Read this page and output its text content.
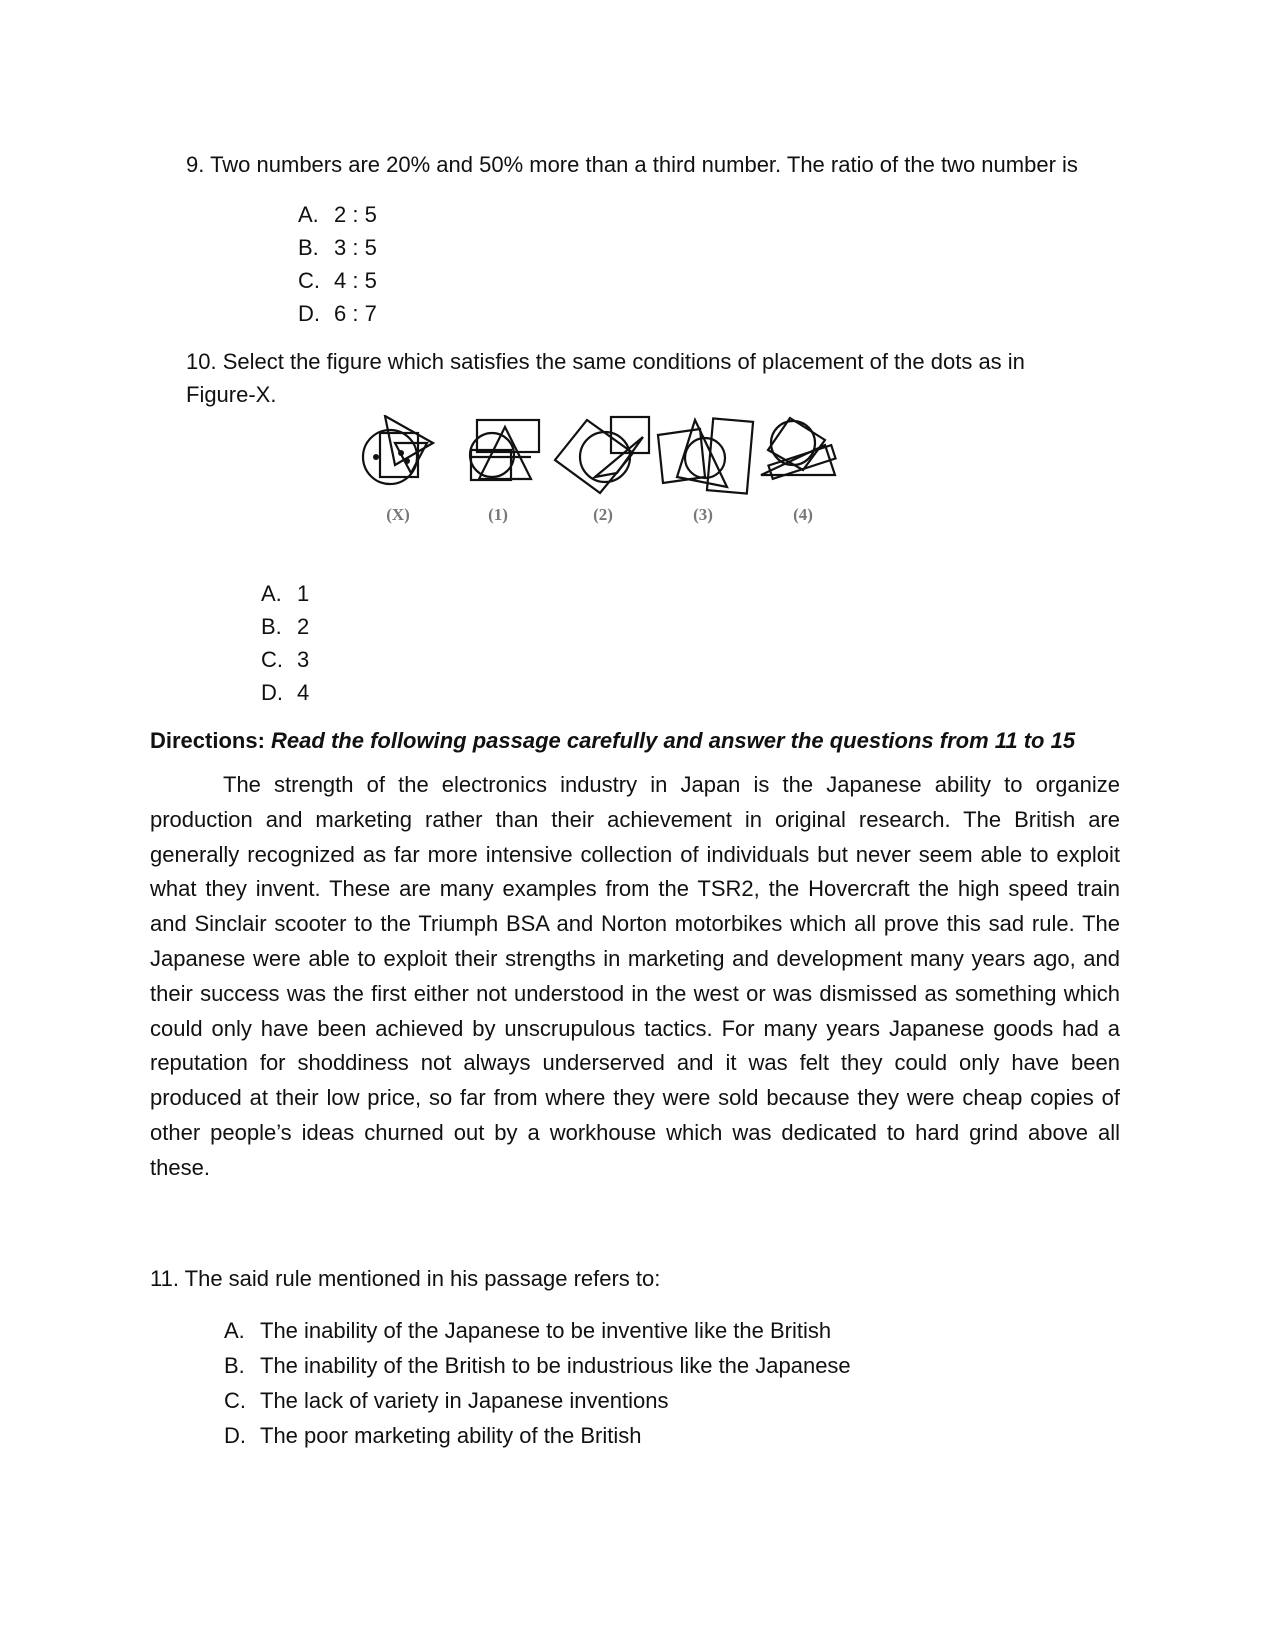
9. Two numbers are 20% and 50% more than a third number. The ratio of the two number is
A. 2 : 5
B. 3 : 5
C. 4 : 5
D. 6 : 7
10. Select the figure which satisfies the same conditions of placement of the dots as in Figure-X.
(X)	(1)	(2)	(3)	(4)
A. 1
B. 2
C. 3
D. 4
Directions: Read the following passage carefully and answer the questions from 11 to 15

The strength of the electronics industry in Japan is the Japanese ability to organize production and marketing rather than their achievement in original research. The British are generally recognized as far more intensive collection of individuals but never seem able to exploit what they invent. These are many examples from the TSR2, the Hovercraft the high speed train and Sinclair scooter to the Triumph BSA and Norton motorbikes which all prove this sad rule. The Japanese were able to exploit their strengths in marketing and development many years ago, and their success was the first either not understood in the west or was dismissed as something which could only have been achieved by unscrupulous tactics. For many years Japanese goods had a reputation for shoddiness not always underserved and it was felt they could only have been produced at their low price, so far from where they were sold because they were cheap copies of other people’s ideas churned out by a workhouse which was dedicated to hard grind above all these.

11. The said rule mentioned in his passage refers to:
A. The inability of the Japanese to be inventive like the British
B. The inability of the British to be industrious like the Japanese
C. The lack of variety in Japanese inventions
D. The poor marketing ability of the British
